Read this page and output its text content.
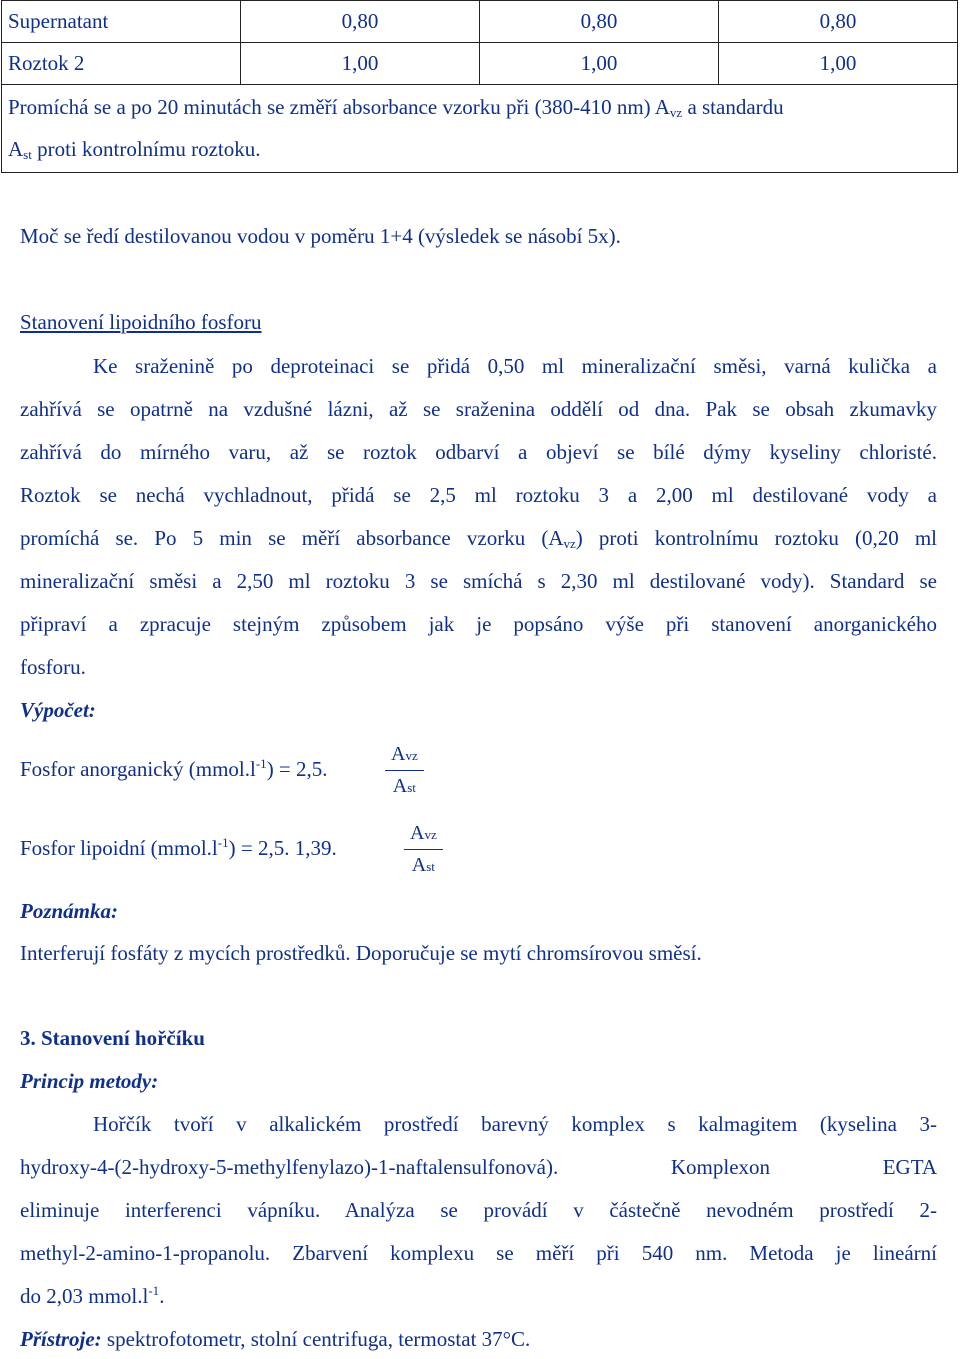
Supernatant	0,80	0,80	0,80
Roztok 2	1,00	1,00	1,00
Promíchá se a po 20 minutách se změří absorbance vzorku při (380-410 nm) $A_{vz}$ a standardu
$A_{st}$ proti kontrolnímu roztoku.			
Moč se ředí destilovanou vodou v poměru 1+4 (výsledek se násobí 5x).
Stanovení lipoidního fosforu
Ke sraženině po deproteinaci se přidá 0,50 ml mineralizační směsi, varná kulička a
zahřívá se opatrně na vzdušné lázni, až se sraženina oddělí od dna. Pak se obsah zkumavky
zahřívá do mírného varu, až se roztok odbarví a objeví se bílé dýmy kyseliny chloristé.
Roztok se nechá vychladnout, přidá se 2,5 ml roztoku 3 a 2,00 ml destilované vody a
promíchá se. Po 5 min se měří absorbance vzorku $(A_{vz})$ proti kontrolnímu roztoku (0,20 ml
mineralizační směsi a 2,50 ml roztoku 3 se smíchá s 2,30 ml destilované vody). Standard se
připraví a zpracuje stejným způsobem jak je popsáno výše při stanovení anorganického
fosforu.
Výpočet:
Fosfor anorganický $(mmol.l^{-1}) = 2,5$.
Avz
Ast
Fosfor lipoidní $(mmol.l^{-1}) = 2,5$. 1,39.
Avz
Ast
Poznámka:
Interferují fosfáty z mycích prostředků. Doporučuje se mytí chromsírovou směsí.
3. Stanovení hořčíku
Princip metody:
Hořčík tvoří v alkalickém prostředí barevný komplex s kalmagitem (kyselina 3-
hydroxy-4-(2-hydroxy-5-methylfenylazo)-1-naftalensulfonová). Komplexon EGTA
eliminuje interferenci vápníku. Analýza se provádí v částečně nevodném prostředí 2-
methyl-2-amino-1-propanolu. Zbarvení komplexu se měří při 540 nm. Metoda je lineární
do 2,03 $mmol.l^{-1}$.
Přístroje: spektrofotometr, stolní centrifuga, termostat 37°C.
